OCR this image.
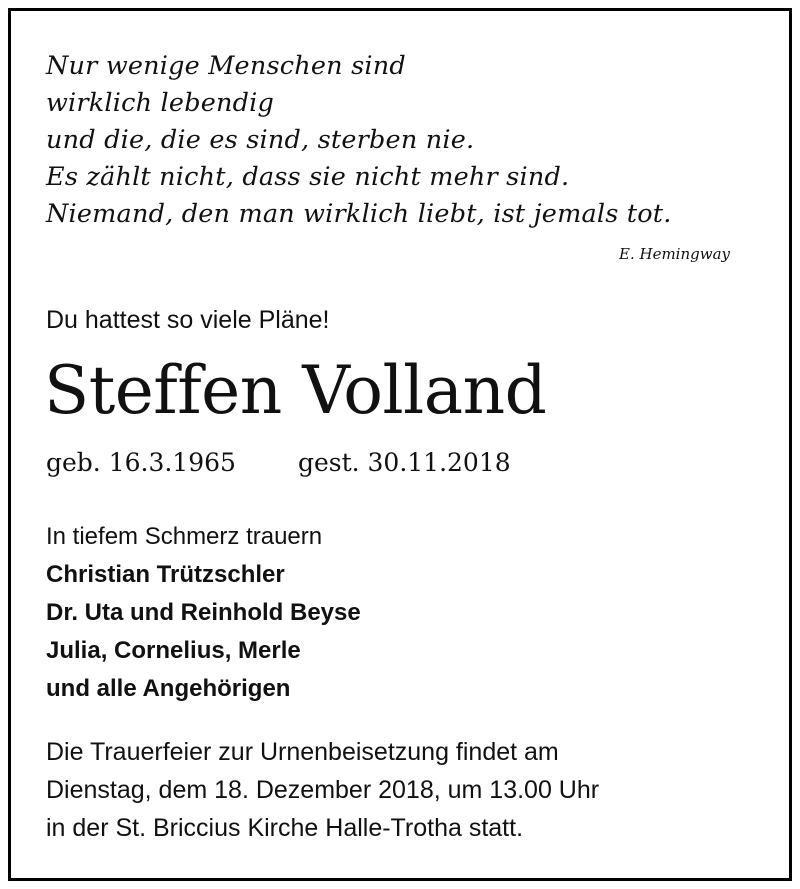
Nur wenige Menschen sind
wirklich lebendig
und die, die es sind, sterben nie.
Es zählt nicht, dass sie nicht mehr sind.
Niemand, den man wirklich liebt, ist jemals tot.
E. Hemingway
Du hattest so viele Pläne!
Steffen Volland
geb. 16.3.1965 gest. 30.11.2018
In tiefem Schmerz trauern
Christian Trützschler
Dr. Uta und Reinhold Beyse
Julia, Cornelius, Merle
und alle Angehörigen
Die Trauerfeier zur Urnenbeisetzung findet am
Dienstag, dem 18. Dezember 2018, um 13.00 Uhr
in der St. Briccius Kirche Halle-Trotha statt.
